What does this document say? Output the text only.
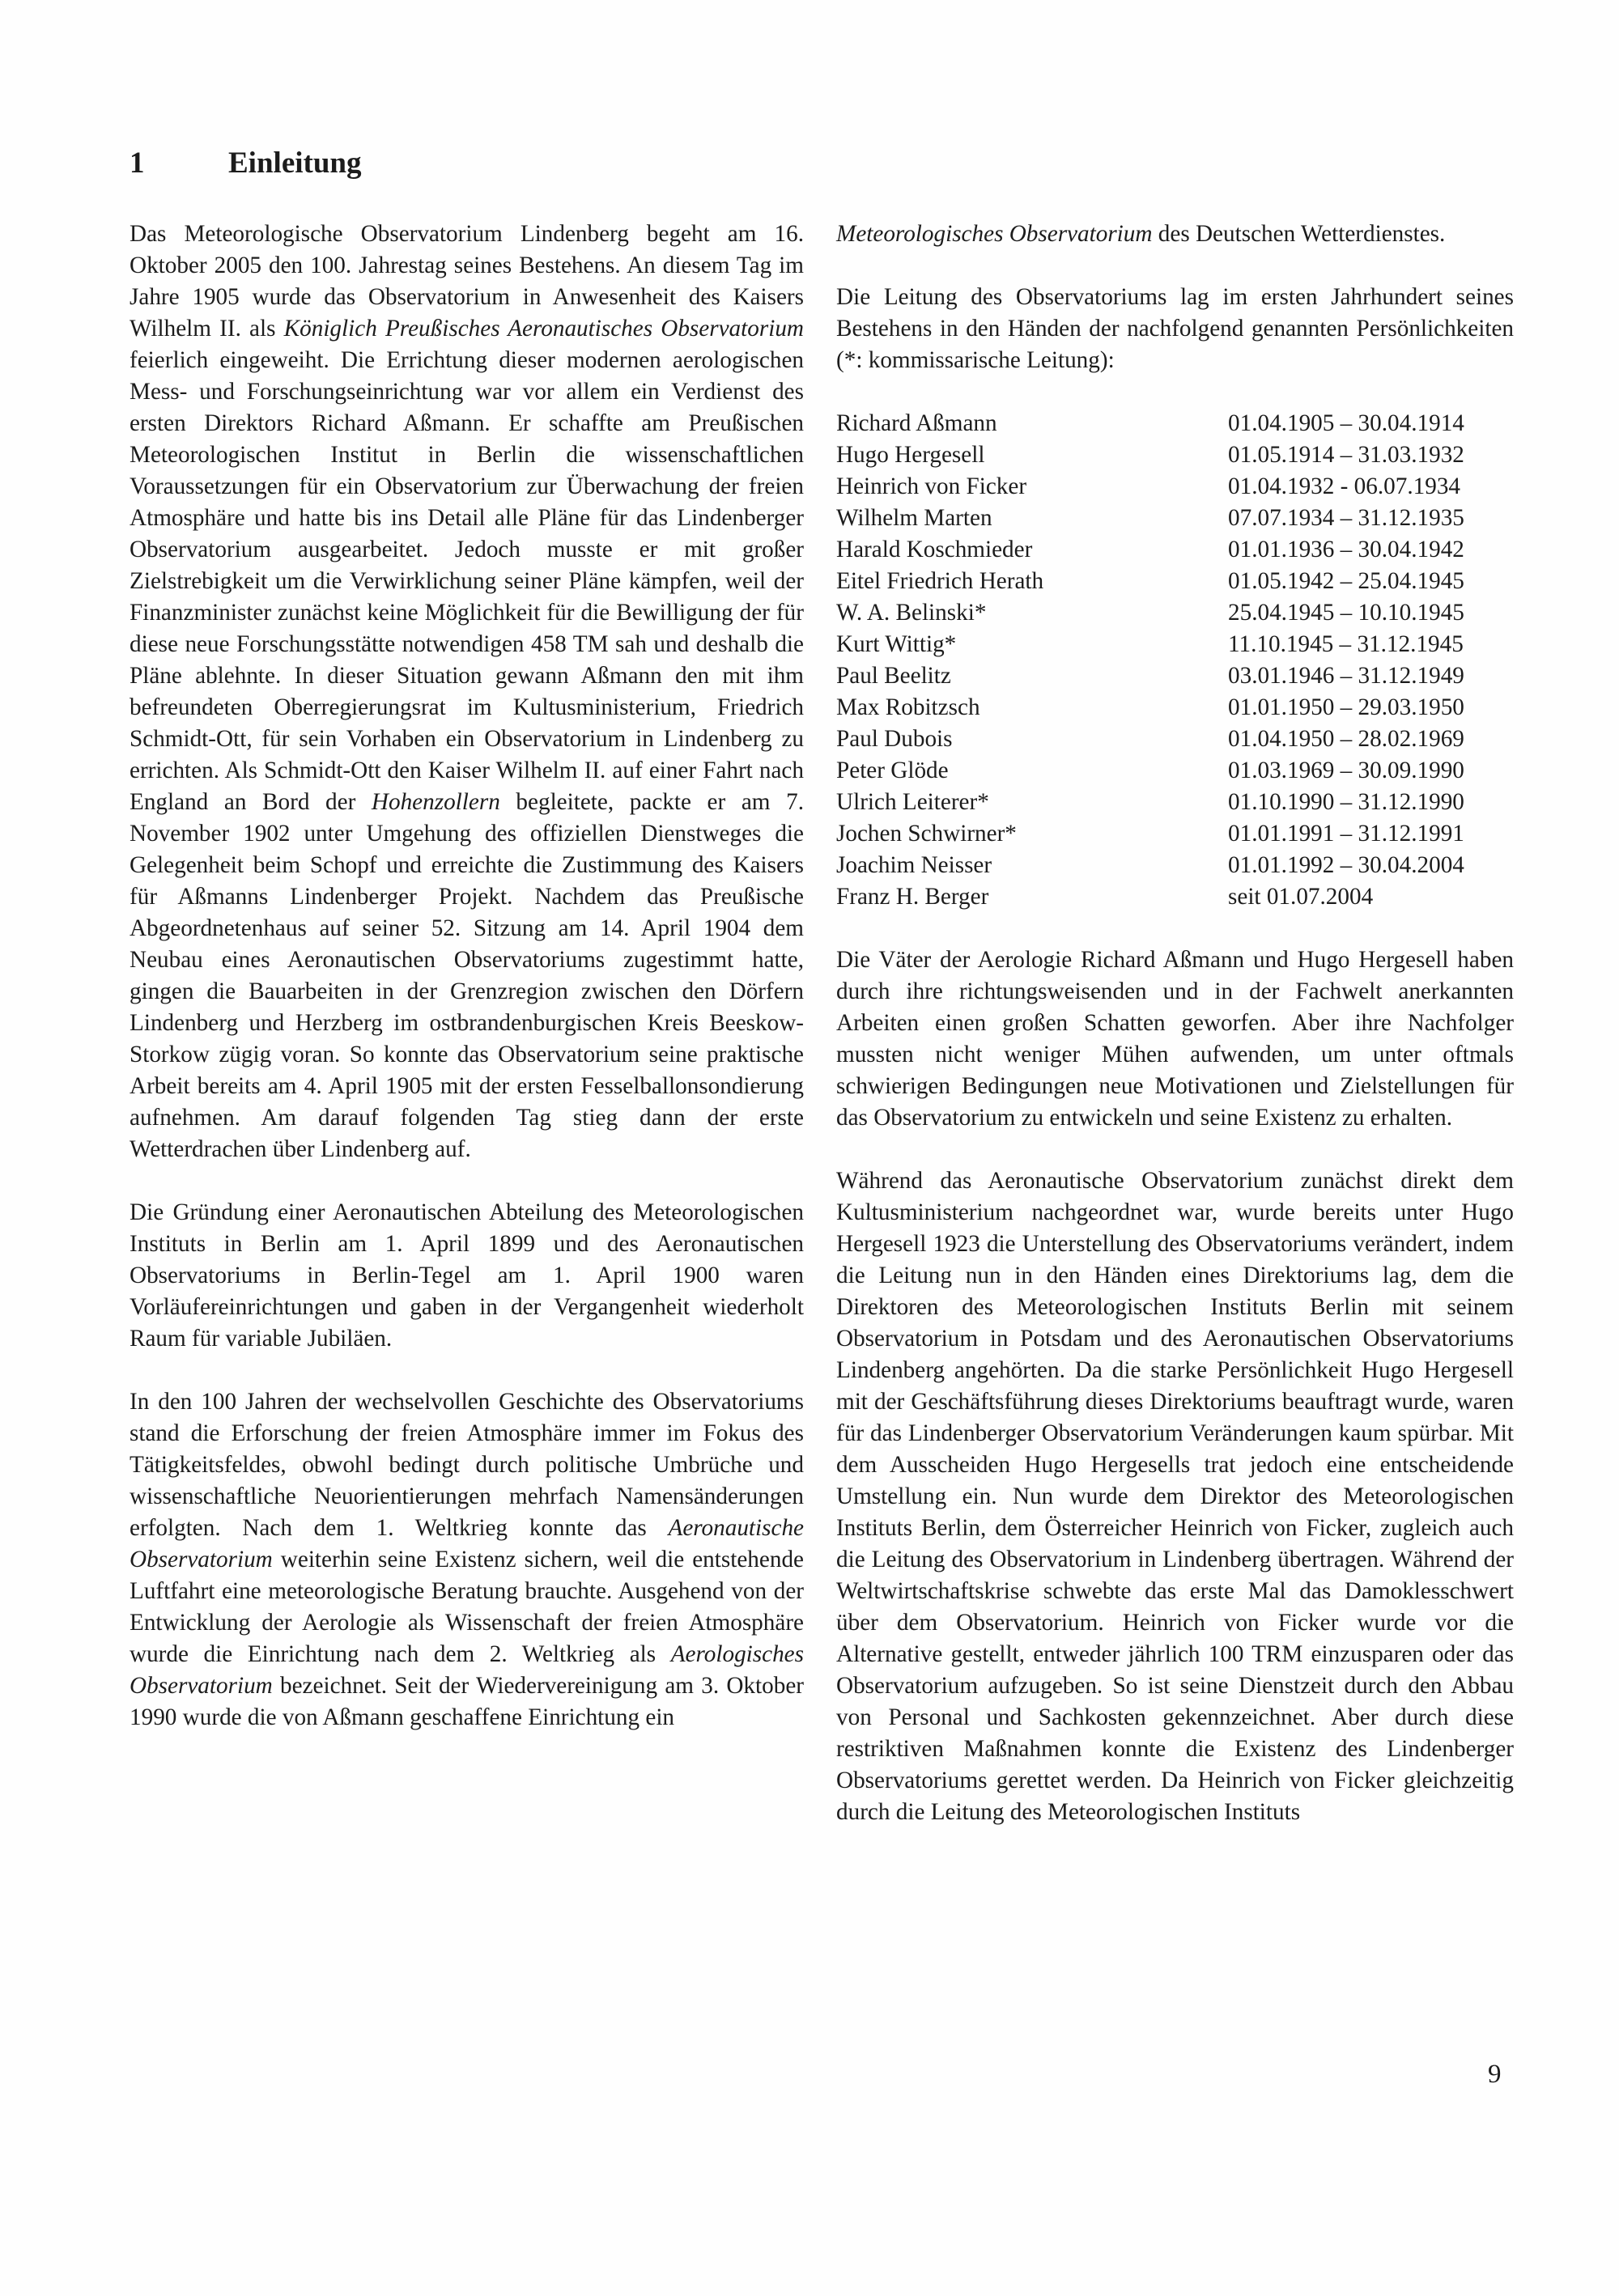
1	Einleitung

Das Meteorologische Observatorium Lindenberg begeht am 16. Oktober 2005 den 100. Jahrestag seines Bestehens. An diesem Tag im Jahre 1905 wurde das Observatorium in Anwesenheit des Kaisers Wilhelm II. als Königlich Preußisches Aeronautisches Observatorium feierlich eingeweiht. Die Errichtung dieser modernen aerologischen Mess- und Forschungseinrichtung war vor allem ein Verdienst des ersten Direktors Richard Aßmann. Er schaffte am Preußischen Meteorologischen Institut in Berlin die wissenschaftlichen Voraussetzungen für ein Observatorium zur Überwachung der freien Atmosphäre und hatte bis ins Detail alle Pläne für das Lindenberger Observatorium ausgearbeitet. Jedoch musste er mit großer Zielstrebigkeit um die Verwirklichung seiner Pläne kämpfen, weil der Finanzminister zunächst keine Möglichkeit für die Bewilligung der für diese neue Forschungsstätte notwendigen 458 TM sah und deshalb die Pläne ablehnte. In dieser Situation gewann Aßmann den mit ihm befreundeten Oberregierungsrat im Kultusministerium, Friedrich Schmidt-Ott, für sein Vorhaben ein Observatorium in Lindenberg zu errichten. Als Schmidt-Ott den Kaiser Wilhelm II. auf einer Fahrt nach England an Bord der Hohenzollern begleitete, packte er am 7. November 1902 unter Umgehung des offiziellen Dienstweges die Gelegenheit beim Schopf und erreichte die Zustimmung des Kaisers für Aßmanns Lindenberger Projekt. Nachdem das Preußische Abgeordnetenhaus auf seiner 52. Sitzung am 14. April 1904 dem Neubau eines Aeronautischen Observatoriums zugestimmt hatte, gingen die Bauarbeiten in der Grenzregion zwischen den Dörfern Lindenberg und Herzberg im ostbrandenburgischen Kreis Beeskow-Storkow zügig voran. So konnte das Observatorium seine praktische Arbeit bereits am 4. April 1905 mit der ersten Fesselballonsondierung aufnehmen. Am darauf folgenden Tag stieg dann der erste Wetterdrachen über Lindenberg auf.

Die Gründung einer Aeronautischen Abteilung des Meteorologischen Instituts in Berlin am 1. April 1899 und des Aeronautischen Observatoriums in Berlin-Tegel am 1. April 1900 waren Vorläufereinrichtungen und gaben in der Vergangenheit wiederholt Raum für variable Jubiläen.

In den 100 Jahren der wechselvollen Geschichte des Observatoriums stand die Erforschung der freien Atmosphäre immer im Fokus des Tätigkeitsfeldes, obwohl bedingt durch politische Umbrüche und wissenschaftliche Neuorientierungen mehrfach Namensänderungen erfolgten. Nach dem 1. Weltkrieg konnte das Aeronautische Observatorium weiterhin seine Existenz sichern, weil die entstehende Luftfahrt eine meteorologische Beratung brauchte. Ausgehend von der Entwicklung der Aerologie als Wissenschaft der freien Atmosphäre wurde die Einrichtung nach dem 2. Weltkrieg als Aerologisches Observatorium bezeichnet. Seit der Wiedervereinigung am 3. Oktober 1990 wurde die von Aßmann geschaffene Einrichtung ein

Meteorologisches Observatorium des Deutschen Wetterdienstes.

Die Leitung des Observatoriums lag im ersten Jahrhundert seines Bestehens in den Händen der nachfolgend genannten Persönlichkeiten (*: kommissarische Leitung):

Richard Aßmann	01.04.1905 – 30.04.1914
Hugo Hergesell	01.05.1914 – 31.03.1932
Heinrich von Ficker	01.04.1932 - 06.07.1934
Wilhelm Marten	07.07.1934 – 31.12.1935
Harald Koschmieder	01.01.1936 – 30.04.1942
Eitel Friedrich Herath	01.05.1942 – 25.04.1945
W. A. Belinski*	25.04.1945 – 10.10.1945
Kurt Wittig*	11.10.1945 – 31.12.1945
Paul Beelitz	03.01.1946 – 31.12.1949
Max Robitzsch	01.01.1950 – 29.03.1950
Paul Dubois	01.04.1950 – 28.02.1969
Peter Glöde	01.03.1969 – 30.09.1990
Ulrich Leiterer*	01.10.1990 – 31.12.1990
Jochen Schwirner*	01.01.1991 – 31.12.1991
Joachim Neisser	01.01.1992 – 30.04.2004
Franz H. Berger	seit 01.07.2004

Die Väter der Aerologie Richard Aßmann und Hugo Hergesell haben durch ihre richtungsweisenden und in der Fachwelt anerkannten Arbeiten einen großen Schatten geworfen. Aber ihre Nachfolger mussten nicht weniger Mühen aufwenden, um unter oftmals schwierigen Bedingungen neue Motivationen und Zielstellungen für das Observatorium zu entwickeln und seine Existenz zu erhalten.

Während das Aeronautische Observatorium zunächst direkt dem Kultusministerium nachgeordnet war, wurde bereits unter Hugo Hergesell 1923 die Unterstellung des Observatoriums verändert, indem die Leitung nun in den Händen eines Direktoriums lag, dem die Direktoren des Meteorologischen Instituts Berlin mit seinem Observatorium in Potsdam und des Aeronautischen Observatoriums Lindenberg angehörten. Da die starke Persönlichkeit Hugo Hergesell mit der Geschäftsführung dieses Direktoriums beauftragt wurde, waren für das Lindenberger Observatorium Veränderungen kaum spürbar. Mit dem Ausscheiden Hugo Hergesells trat jedoch eine entscheidende Umstellung ein. Nun wurde dem Direktor des Meteorologischen Instituts Berlin, dem Österreicher Heinrich von Ficker, zugleich auch die Leitung des Observatorium in Lindenberg übertragen. Während der Weltwirtschaftskrise schwebte das erste Mal das Damoklesschwert über dem Observatorium. Heinrich von Ficker wurde vor die Alternative gestellt, entweder jährlich 100 TRM einzusparen oder das Observatorium aufzugeben. So ist seine Dienstzeit durch den Abbau von Personal und Sachkosten gekennzeichnet. Aber durch diese restriktiven Maßnahmen konnte die Existenz des Lindenberger Observatoriums gerettet werden. Da Heinrich von Ficker gleichzeitig durch die Leitung des Meteorologischen Instituts

9
